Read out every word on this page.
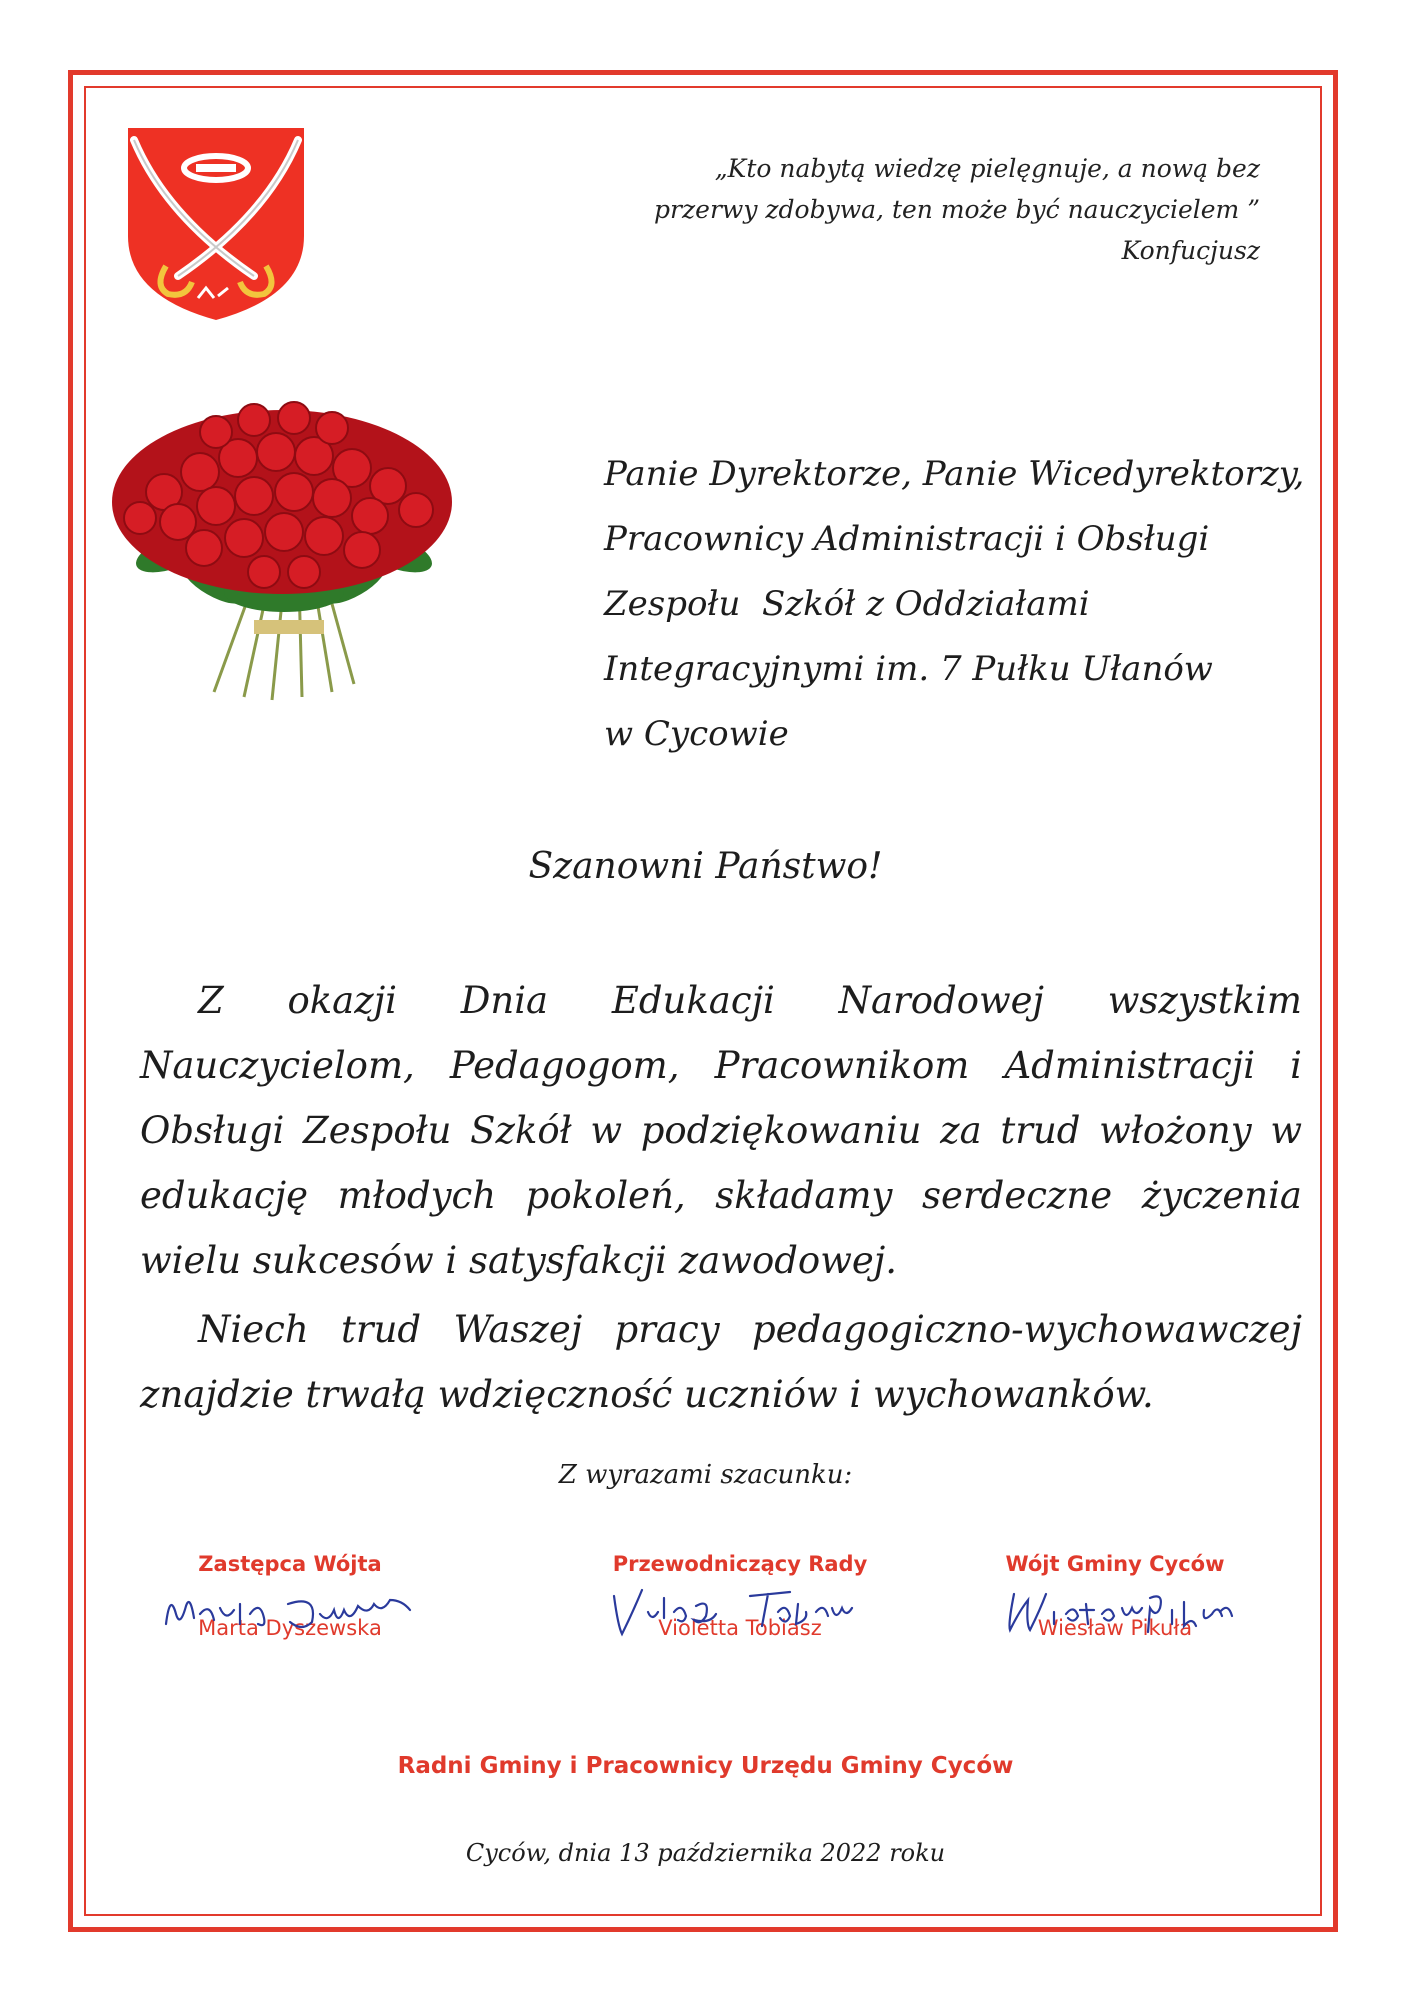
„Kto nabytą wiedzę pielęgnuje, a nową bez
przerwy zdobywa, ten może być nauczycielem ”
Konfucjusz
Panie Dyrektorze, Panie Wicedyrektorzy,
Pracownicy Administracji i Obsługi
Zespołu  Szkół z Oddziałami
Integracyjnymi im. 7 Pułku Ułanów
w Cycowie
Szanowni Państwo!

Z okazji Dnia Edukacji Narodowej wszystkim Nauczycielom, Pedagogom, Pracownikom Administracji i Obsługi Zespołu Szkół w podziękowaniu za trud włożony w edukację młodych pokoleń, składamy serdeczne życzenia wielu sukcesów i satysfakcji zawodowej.

Niech trud Waszej pracy pedagogiczno-wychowawczej znajdzie trwałą wdzięczność uczniów i wychowanków.

Z wyrazami szacunku:
Zastępca Wójta
Marta Dyszewska
Przewodniczący Rady
Violetta Tobiasz
Wójt Gminy Cyców
Wiesław Pikuła
Radni Gminy i Pracownicy Urzędu Gminy Cyców
Cyców, dnia 13 października 2022 roku
